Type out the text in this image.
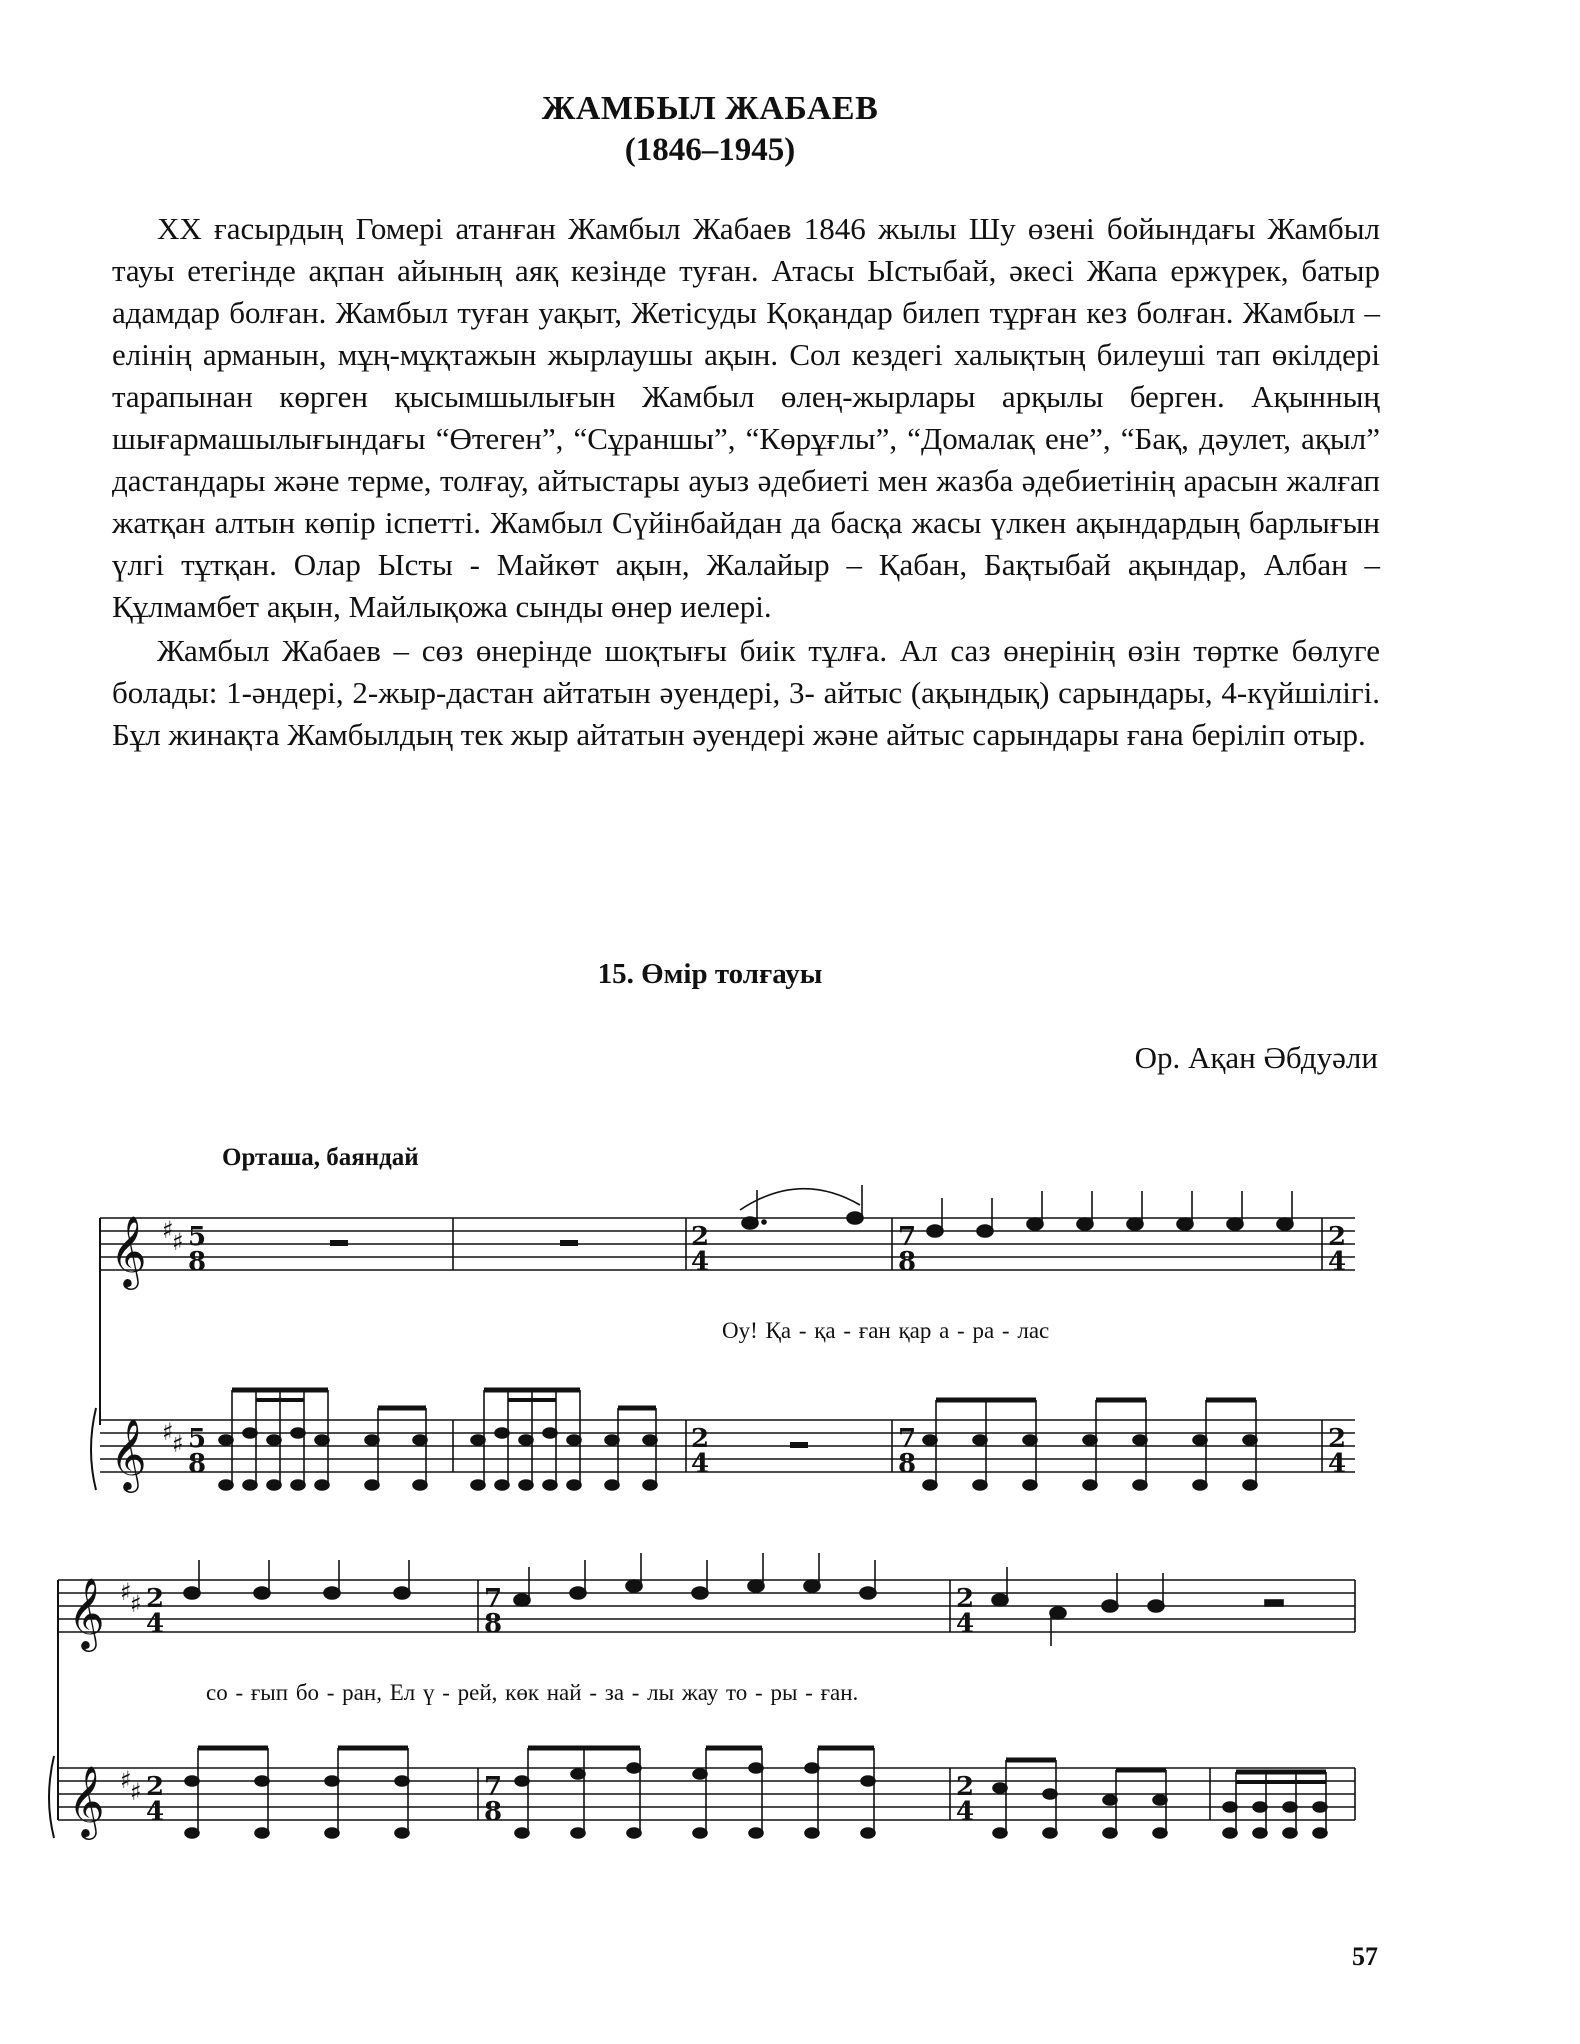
ЖАМБЫЛ ЖАБАЕВ
(1846–1945)

XX ғасырдың Гомері атанған Жамбыл Жабаев 1846 жылы Шу өзені бойындағы Жамбыл тауы етегінде ақпан айының аяқ кезінде туған. Атасы Ыстыбай, әкесі Жапа ержүрек, батыр адамдар болған. Жамбыл туған уақыт, Жетісуды Қоқандар билеп тұрған кез болған. Жамбыл – елінің арманын, мұң-мұқтажын жырлаушы ақын. Сол кездегі халықтың билеуші тап өкілдері тарапынан көрген қысымшылығын Жамбыл өлең-жырлары арқылы берген. Ақынның шығармашылығындағы “Өтеген”, “Сұраншы”, “Көрұғлы”, “Домалақ ене”, “Бақ, дәулет, ақыл” дастандары және терме, толғау, айтыстары ауыз әдебиеті мен жазба әдебиетінің арасын жалғап жатқан алтын көпір іспетті. Жамбыл Сүйінбайдан да басқа жасы үлкен ақындардың барлығын үлгі тұтқан. Олар Ысты - Майкөт ақын, Жалайыр – Қабан, Бақтыбай ақындар, Албан – Құлмамбет ақын, Майлықожа сынды өнер иелері.

Жамбыл Жабаев – сөз өнерінде шоқтығы биік тұлға. Ал саз өнерінің өзін төртке бөлуге болады: 1-әндері, 2-жыр-дастан айтатын әуендері, 3- айтыс (ақындық) сарындары, 4-күйшілігі. Бұл жинақта Жамбылдың тек жыр айтатын әуендері және айтыс сарындары ғана беріліп отыр.

15. Өмір толғауы
Ор. Ақан Әбдуәли
Орташа, баяндай
𝄞 ♯
♯ 5
8
2
4
7
8
2
4
𝄞 ♯
♯ 5
8
2
4
7
8
2
4
𝄞 ♯
♯ 2
4
7
8
2
4
𝄞 ♯
♯ 2
4
7
8
2
4
Оу! Қа - қа - ған қар а - ра - лас
со - ғып бо - ран, Ел ү - рей, көк най - за - лы жау то - ры - ған.
57
